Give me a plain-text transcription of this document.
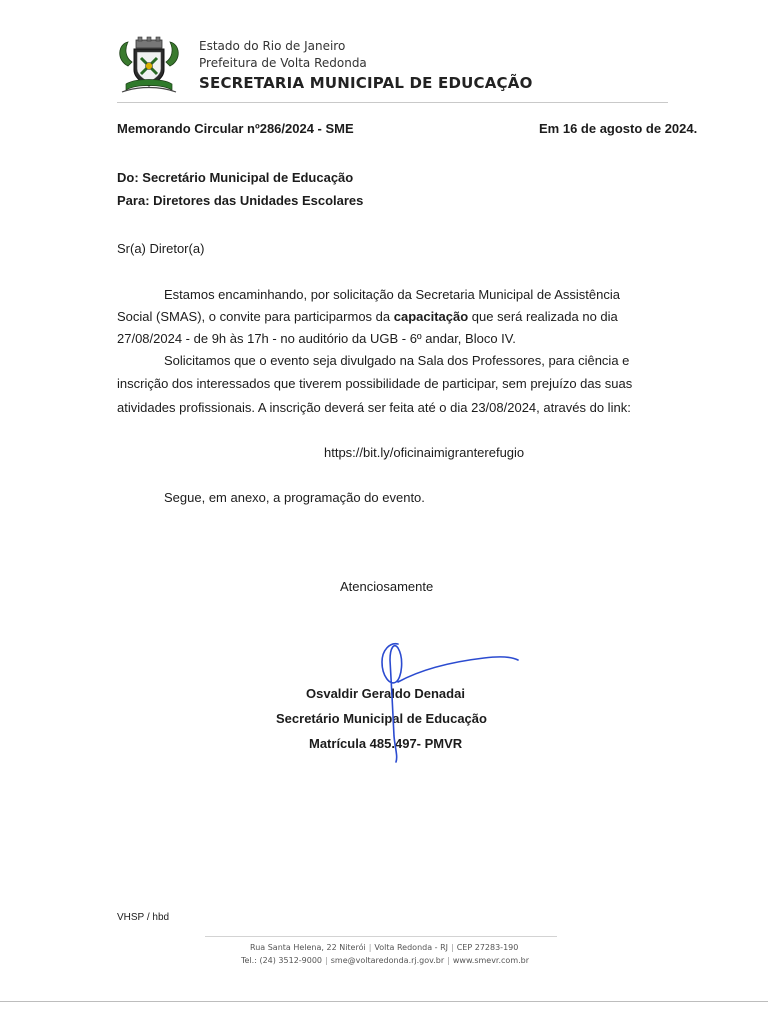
Estado do Rio de Janeiro
Prefeitura de Volta Redonda
SECRETARIA MUNICIPAL DE EDUCAÇÃO
Memorando Circular nº286/2024 - SME	Em 16 de agosto de 2024.
Do: Secretário Municipal de Educação
Para: Diretores das Unidades Escolares
Sr(a) Diretor(a)
Estamos encaminhando, por solicitação da Secretaria Municipal de Assistência
Social (SMAS), o convite para participarmos da capacitação que será realizada no dia
27/08/2024 - de 9h às 17h - no auditório da UGB - 6º andar, Bloco IV.
Solicitamos que o evento seja divulgado na Sala dos Professores, para ciência e
inscrição dos interessados que tiverem possibilidade de participar, sem prejuízo das suas
atividades profissionais. A inscrição deverá ser feita até o dia 23/08/2024, através do link:
https://bit.ly/oficinaimigranterefugio
Segue, em anexo, a programação do evento.
Atenciosamente
Osvaldir Geraldo Denadai
Secretário Municipal de Educação
Matrícula 485.497- PMVR
VHSP / hbd
Rua Santa Helena, 22 Niterói | Volta Redonda - RJ | CEP 27283-190
Tel.: (24) 3512-9000 | sme@voltaredonda.rj.gov.br | www.smevr.com.br
